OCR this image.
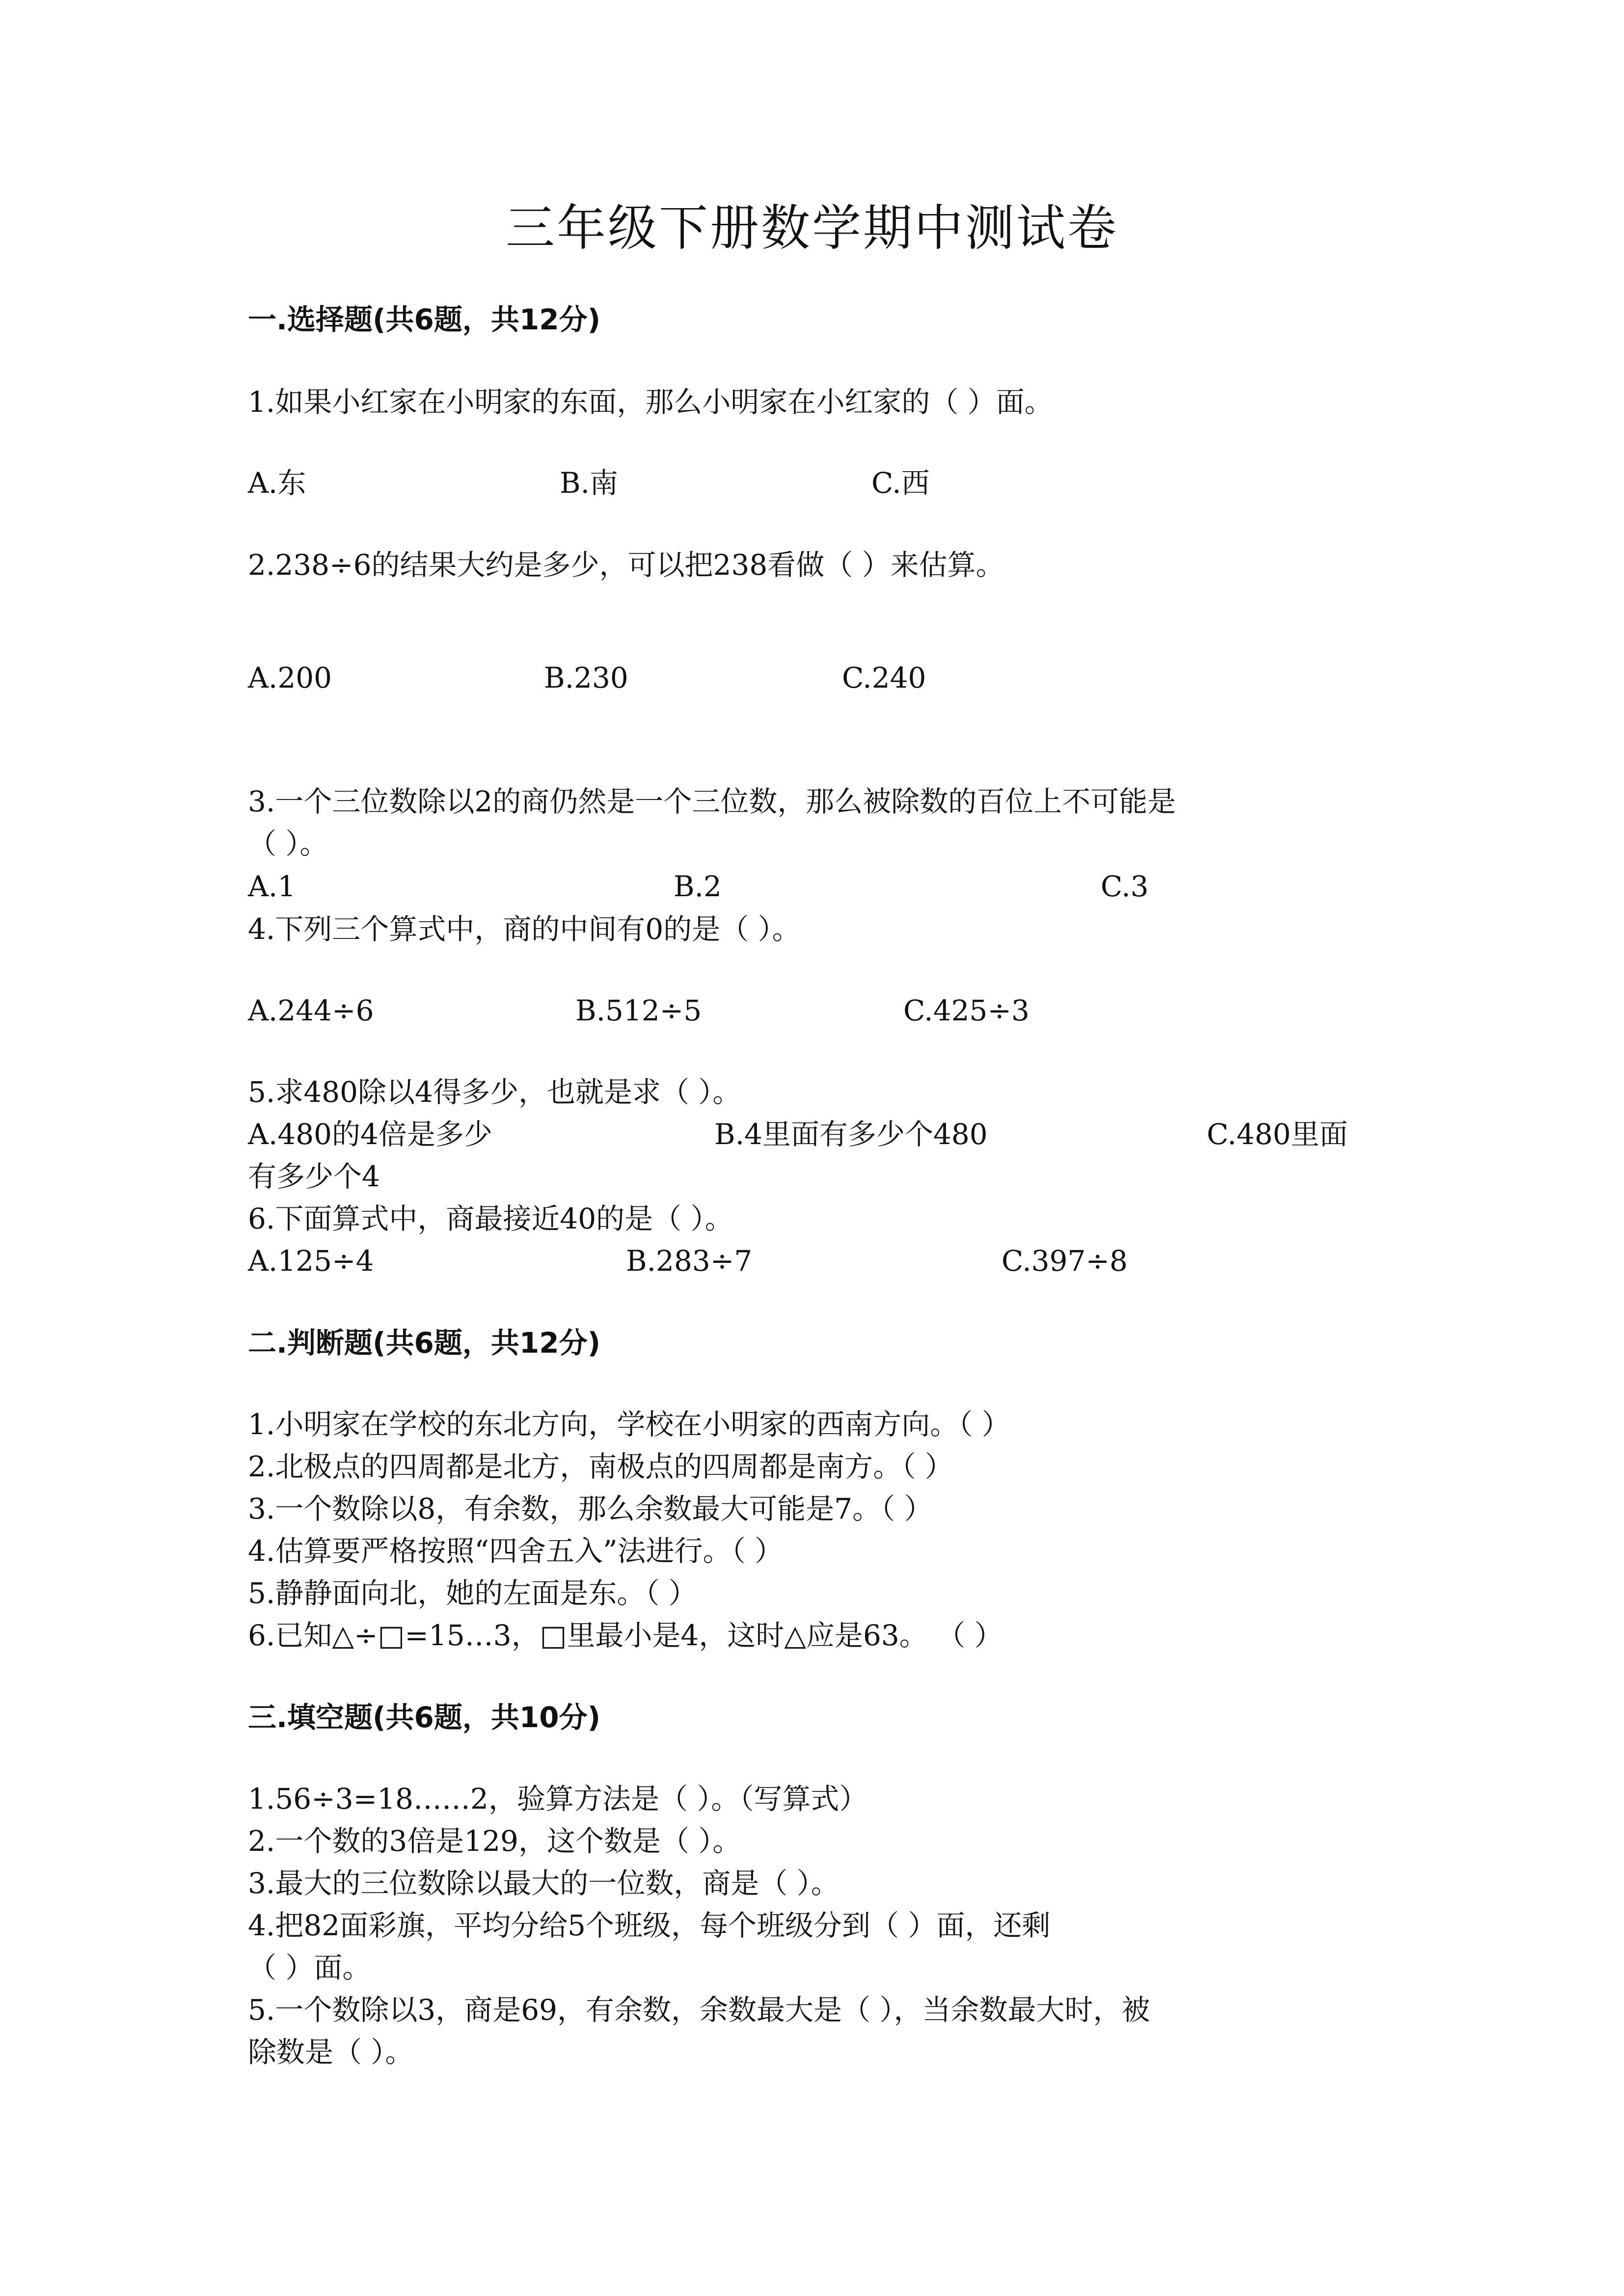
三年级下册数学期中测试卷
一.选择题(共6题，共12分)
1.如果小红家在小明家的东面，那么小明家在小红家的（ ）面。
A.东	B.南	C.西
2.238÷6的结果大约是多少，可以把238看做（ ）来估算。
A.200	B.230	C.240
3.一个三位数除以2的商仍然是一个三位数，那么被除数的百位上不可能是
（ ）。
A.1	B.2	C.3
4.下列三个算式中，商的中间有0的是（ ）。
A.244÷6	B.512÷5	C.425÷3
5.求480除以4得多少，也就是求（ ）。
A.480的4倍是多少	B.4里面有多少个480	C.480里面
有多少个4
6.下面算式中，商最接近40的是（ ）。
A.125÷4	B.283÷7	C.397÷8
二.判断题(共6题，共12分)
1.小明家在学校的东北方向，学校在小明家的西南方向。（ ）
2.北极点的四周都是北方，南极点的四周都是南方。（ ）
3.一个数除以8，有余数，那么余数最大可能是7。（ ）
4.估算要严格按照“四舍五入”法进行。（ ）
5.静静面向北，她的左面是东。（ ）
6.已知△÷□=15…3，□里最小是4，这时△应是63。 （ ）
三.填空题(共6题，共10分)
1.56÷3=18……2，验算方法是（ ）。（写算式）
2.一个数的3倍是129，这个数是（ ）。
3.最大的三位数除以最大的一位数，商是（ ）。
4.把82面彩旗，平均分给5个班级，每个班级分到（ ）面，还剩
（ ）面。
5.一个数除以3，商是69，有余数，余数最大是（ ），当余数最大时，被
除数是（ ）。
